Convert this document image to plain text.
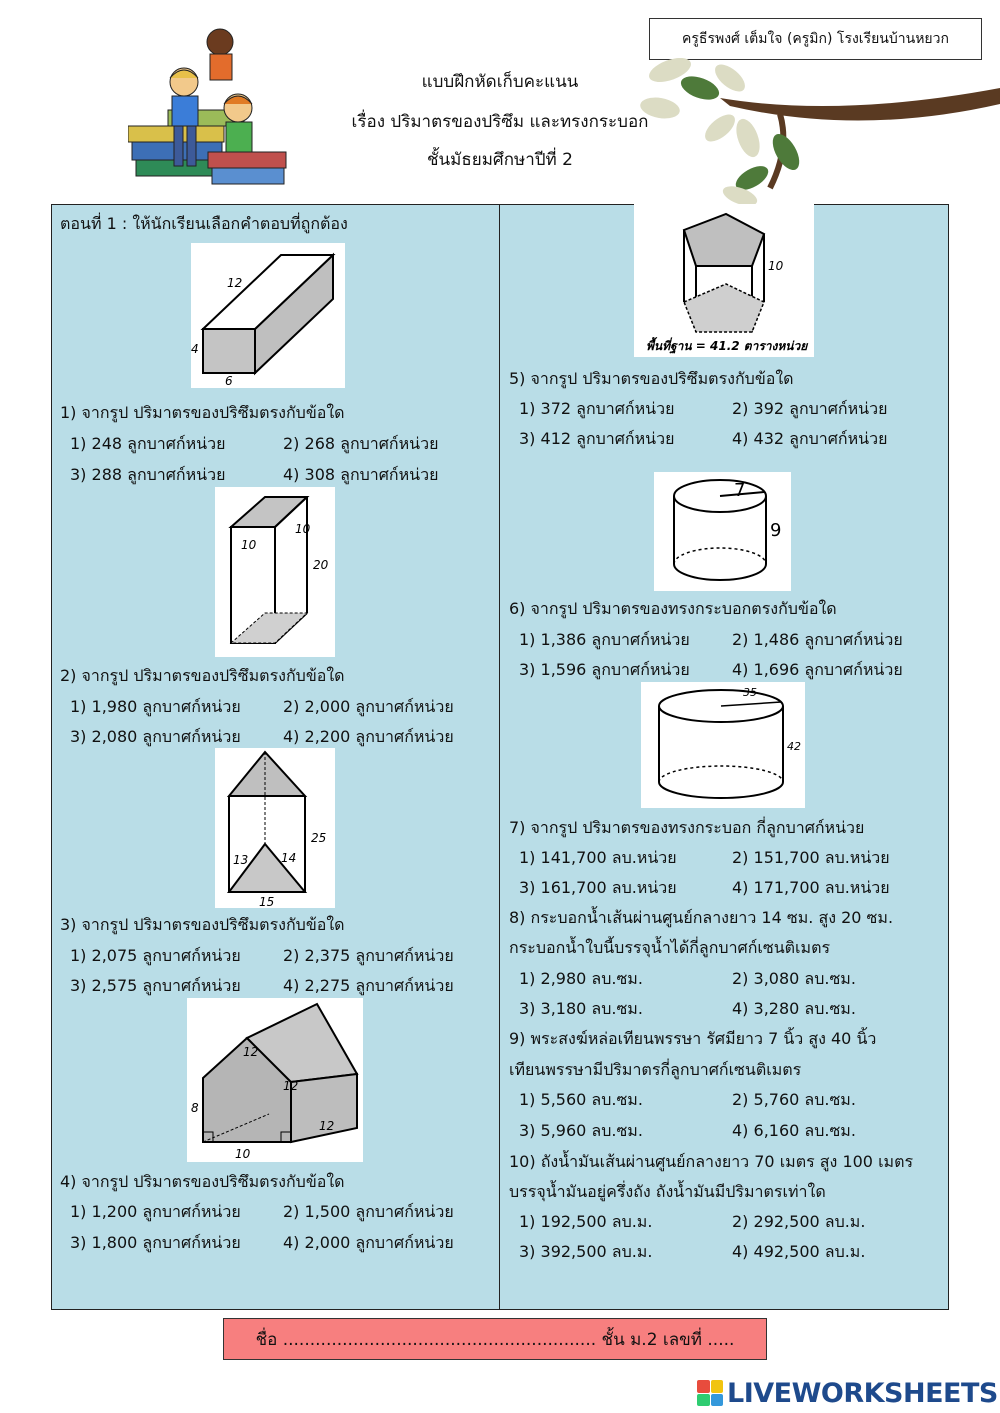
ครูธีรพงศ์ เต็มใจ (ครูมิก) โรงเรียนบ้านหยวก
แบบฝึกหัดเก็บคะแนน
เรื่อง ปริมาตรของปริซึม และทรงกระบอก
ชั้นมัธยมศึกษาปีที่ 2
ตอนที่ 1 : ให้นักเรียนเลือกคำตอบที่ถูกต้อง
12
4
6
1) จากรูป ปริมาตรของปริซึมตรงกับข้อใด
1) 248 ลูกบาศก์หน่วย	2) 268 ลูกบาศก์หน่วย
3) 288 ลูกบาศก์หน่วย	4) 308 ลูกบาศก์หน่วย
10
10
20
2) จากรูป ปริมาตรของปริซึมตรงกับข้อใด
1) 1,980 ลูกบาศก์หน่วย	2) 2,000 ลูกบาศก์หน่วย
3) 2,080 ลูกบาศก์หน่วย	4) 2,200 ลูกบาศก์หน่วย
25
13	14
15
3) จากรูป ปริมาตรของปริซึมตรงกับข้อใด
1) 2,075 ลูกบาศก์หน่วย	2) 2,375 ลูกบาศก์หน่วย
3) 2,575 ลูกบาศก์หน่วย	4) 2,275 ลูกบาศก์หน่วย
12
12
8
12
10
4) จากรูป ปริมาตรของปริซึมตรงกับข้อใด
1) 1,200 ลูกบาศก์หน่วย	2) 1,500 ลูกบาศก์หน่วย
3) 1,800 ลูกบาศก์หน่วย	4) 2,000 ลูกบาศก์หน่วย
10
พื้นที่ฐาน = 41.2 ตารางหน่วย
5) จากรูป ปริมาตรของปริซึมตรงกับข้อใด
1) 372 ลูกบาศก์หน่วย	2) 392 ลูกบาศก์หน่วย
3) 412 ลูกบาศก์หน่วย	4) 432 ลูกบาศก์หน่วย
7
9
6) จากรูป ปริมาตรของทรงกระบอกตรงกับข้อใด
1) 1,386 ลูกบาศก์หน่วย	2) 1,486 ลูกบาศก์หน่วย
3) 1,596 ลูกบาศก์หน่วย	4) 1,696 ลูกบาศก์หน่วย
35
42
7) จากรูป ปริมาตรของทรงกระบอก กี่ลูกบาศก์หน่วย
1) 141,700 ลบ.หน่วย	2) 151,700 ลบ.หน่วย
3) 161,700 ลบ.หน่วย	4) 171,700 ลบ.หน่วย
8) กระบอกน้ำเส้นผ่านศูนย์กลางยาว 14 ซม. สูง 20 ซม.
กระบอกน้ำใบนี้บรรจุน้ำได้กี่ลูกบาศก์เซนติเมตร
1) 2,980 ลบ.ซม.	2) 3,080 ลบ.ซม.
3) 3,180 ลบ.ซม.	4) 3,280 ลบ.ซม.
9) พระสงฆ์หล่อเทียนพรรษา รัศมียาว 7 นิ้ว สูง 40 นิ้ว
เทียนพรรษามีปริมาตรกี่ลูกบาศก์เซนติเมตร
1) 5,560 ลบ.ซม.	2) 5,760 ลบ.ซม.
3) 5,960 ลบ.ซม.	4) 6,160 ลบ.ซม.
10) ถังน้ำมันเส้นผ่านศูนย์กลางยาว 70 เมตร สูง 100 เมตร
บรรจุน้ำมันอยู่ครึ่งถัง ถังน้ำมันมีปริมาตรเท่าใด
1) 192,500 ลบ.ม.	2) 292,500 ลบ.ม.
3) 392,500 ลบ.ม.	4) 492,500 ลบ.ม.
ชื่อ .......................................................... ชั้น ม.2 เลขที่ .....
LIVEWORKSHEETS
